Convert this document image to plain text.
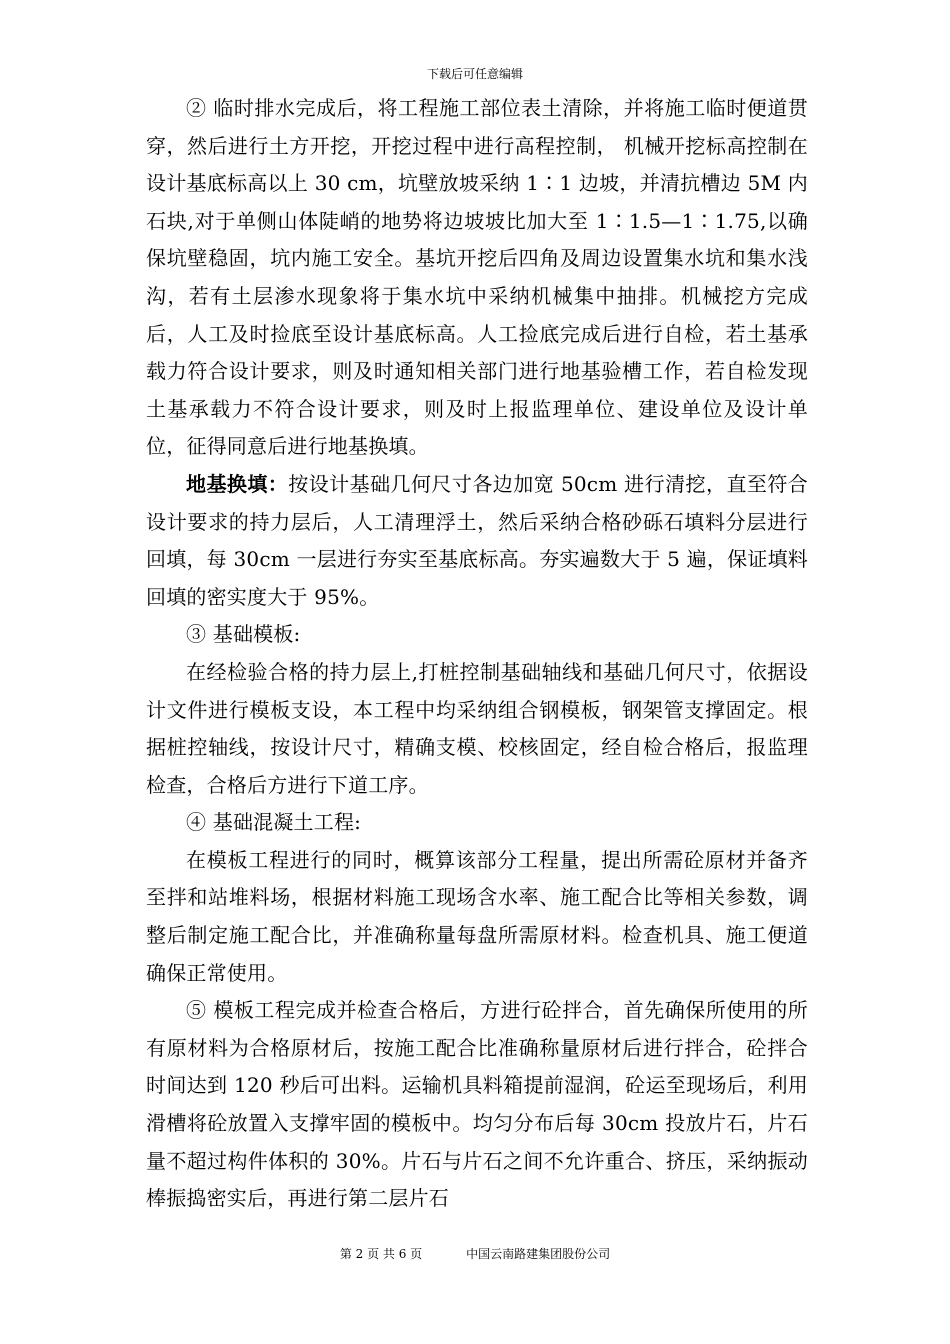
下载后可任意编辑

② 临时排水完成后，将工程施工部位表土清除，并将施工临时便道贯穿，然后进行土方开挖，开挖过程中进行高程控制， 机械开挖标高控制在设计基底标高以上 30 cm，坑壁放坡采纳 1∶1 边坡，并清抗槽边 5M 内石块,对于单侧山体陡峭的地势将边坡坡比加大至 1∶1.5—1∶1.75,以确保坑壁稳固，坑内施工安全。基坑开挖后四角及周边设置集水坑和集水浅沟，若有土层渗水现象将于集水坑中采纳机械集中抽排。机械挖方完成后，人工及时捡底至设计基底标高。人工捡底完成后进行自检，若土基承载力符合设计要求，则及时通知相关部门进行地基验槽工作，若自检发现土基承载力不符合设计要求，则及时上报监理单位、建设单位及设计单位，征得同意后进行地基换填。

地基换填：按设计基础几何尺寸各边加宽 50cm 进行清挖，直至符合设计要求的持力层后，人工清理浮土，然后采纳合格砂砾石填料分层进行回填，每 30cm 一层进行夯实至基底标高。夯实遍数大于 5 遍，保证填料回填的密实度大于 95%。

③ 基础模板:

在经检验合格的持力层上,打桩控制基础轴线和基础几何尺寸，依据设计文件进行模板支设，本工程中均采纳组合钢模板，钢架管支撑固定。根据桩控轴线，按设计尺寸，精确支模、校核固定，经自检合格后，报监理检查，合格后方进行下道工序。

④ 基础混凝土工程:

在模板工程进行的同时，概算该部分工程量，提出所需砼原材并备齐至拌和站堆料场，根据材料施工现场含水率、施工配合比等相关参数，调整后制定施工配合比，并准确称量每盘所需原材料。检查机具、施工便道确保正常使用。

⑤ 模板工程完成并检查合格后，方进行砼拌合，首先确保所使用的所有原材料为合格原材后，按施工配合比准确称量原材后进行拌合，砼拌合时间达到 120 秒后可出料。运输机具料箱提前湿润，砼运至现场后，利用滑槽将砼放置入支撑牢固的模板中。均匀分布后每 30cm 投放片石，片石量不超过构件体积的 30%。片石与片石之间不允许重合、挤压，采纳振动棒振捣密实后，再进行第二层片石

第 2 页 共 6 页	中国云南路建集团股份公司
